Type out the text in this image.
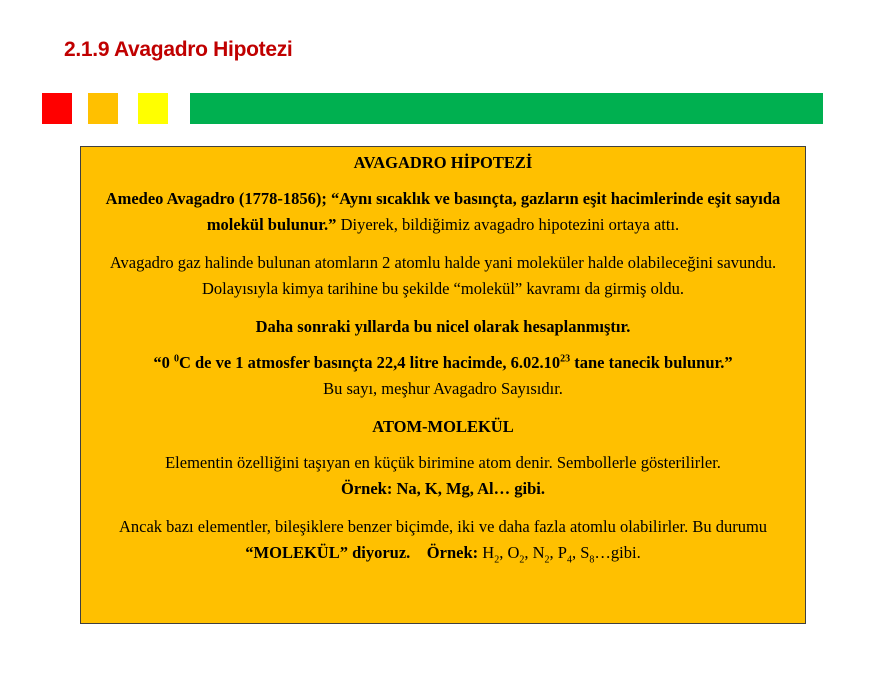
2.1.9 Avagadro Hipotezi

AVAGADRO HİPOTEZİ

Amedeo Avagadro (1778-1856); “Aynı sıcaklık ve basınçta, gazların eşit hacimlerinde eşit sayıda molekül bulunur.” Diyerek, bildiğimiz avagadro hipotezini ortaya attı.

Avagadro gaz halinde bulunan atomların 2 atomlu halde yani moleküler halde olabileceğini savundu. Dolayısıyla kimya tarihine bu şekilde “molekül” kavramı da girmiş oldu.

Daha sonraki yıllarda bu nicel olarak hesaplanmıştır.

“0 $^0$C de ve 1 atmosfer basınçta 22,4 litre hacimde, 6.02.10$^{23}$ tane tanecik bulunur.”
Bu sayı, meşhur Avagadro Sayısıdır.

ATOM-MOLEKÜL

Elementin özelliğini taşıyan en küçük birimine atom denir. Sembollerle gösterilirler.
Örnek: Na, K, Mg, Al… gibi.

Ancak bazı elementler, bileşiklere benzer biçimde, iki ve daha fazla atomlu olabilirler. Bu durumu “MOLEKÜL” diyoruz. Örnek: $H_2$, $O_2$, $N_2$, $P_4$, $S_8\dots gibi$.
